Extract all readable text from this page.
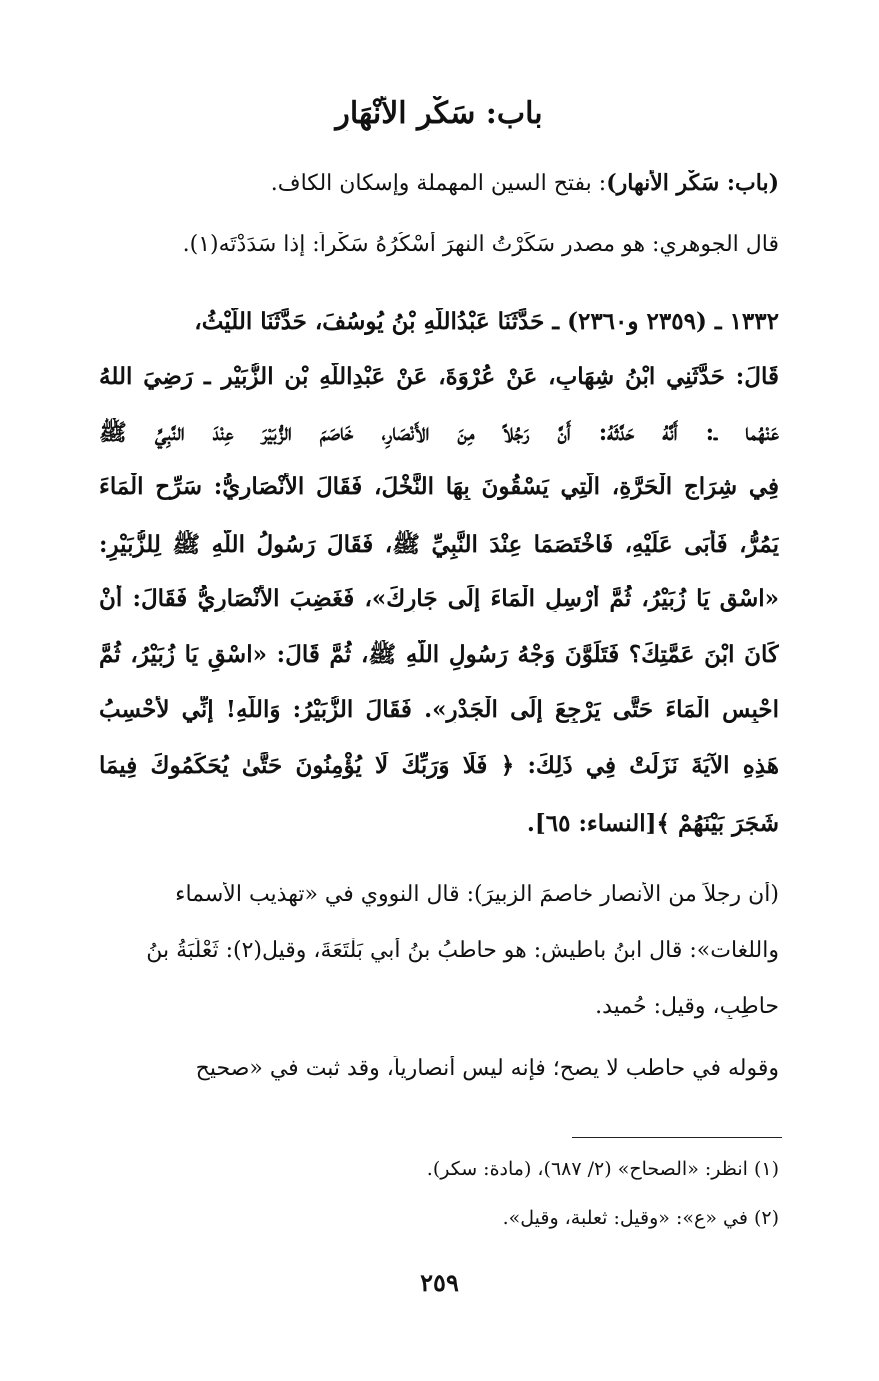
باب: سَكْرِ الأَنْهَارِ
(باب: سَكْر الأنهار): بفتح السين المهملة وإسكان الكاف.
قال الجوهري: هو مصدر سَكَرْتُ النهرَ أَسْكُرُهُ سَكْراً: إذا سَدَدْتَه(١).
١٣٣٢ ـ (٢٣٥٩ و٢٣٦٠) ـ حَدَّثَنَا عَبْدُاللَّهِ بْنُ يُوسُفَ، حَدَّثَنَا اللَّيْثُ،
قَالَ: حَدَّثَنِي ابْنُ شِهَابٍ، عَنْ عُرْوَةَ، عَنْ عَبْدِاللَّهِ بْنِ الزُّبَيْرِ ـ رَضِيَ اللهُ
عَنْهُما ـ: أَنَّهُ حَدَّثَهُ: أَنَّ رَجُلاً مِنَ الأَنْصَارِ، خَاصَمَ الزُّبَيْرَ عِنْدَ النَّبِيِّ ﷺ
فِي شِرَاجِ الْحَرَّةِ، الَّتِي يَسْقُونَ بِهَا النَّخْلَ، فَقَالَ الأَنْصَارِيُّ: سَرِّحِ الْمَاءَ
يَمُرُّ، فَأَبَى عَلَيْهِ، فَاخْتَصَمَا عِنْدَ النَّبِيِّ ﷺ، فَقَالَ رَسُولُ اللَّهِ ﷺ لِلزُّبَيْرِ:
«اسْقِ يَا زُبَيْرُ، ثُمَّ أَرْسِلِ الْمَاءَ إِلَى جَارِكَ»، فَغَضِبَ الأَنْصَارِيُّ فَقَالَ: أَنْ
كَانَ ابْنَ عَمَّتِكَ؟ فَتَلَوَّنَ وَجْهُ رَسُولِ اللَّهِ ﷺ، ثُمَّ قَالَ: «اسْقِ يَا زُبَيْرُ، ثُمَّ
احْبِسِ الْمَاءَ حَتَّى يَرْجِعَ إِلَى الْجَدْرِ». فَقَالَ الزُّبَيْرُ: وَاللَّهِ! إِنِّي لأَحْسِبُ
هَذِهِ الآيَةَ نَزَلَتْ فِي ذَلِكَ: ﴿ فَلَا وَرَبِّكَ لَا يُؤْمِنُونَ حَتَّىٰ يُحَكِّمُوكَ فِيمَا
شَجَرَ بَيْنَهُمْ ﴾[النساء: ٦٥].
(أن رجلاً من الأنصار خاصمَ الزبيرَ): قال النووي في «تهذيب الأسماء
واللغات»: قال ابنُ باطيش: هو حاطبُ بنُ أبي بَلْتَعَةَ، وقيل(٢): ثَعْلَبَةُ بنُ
حاطِبٍ، وقيل: حُميد.
وقوله في حاطب لا يصح؛ فإنه ليس أنصارياً، وقد ثبت في «صحيح
(١) انظر: «الصحاح» (٢/ ٦٨٧)، (مادة: سكر).
(٢) في «ع»: «وقيل: ثعلبة، وقيل».
٢٥٩
